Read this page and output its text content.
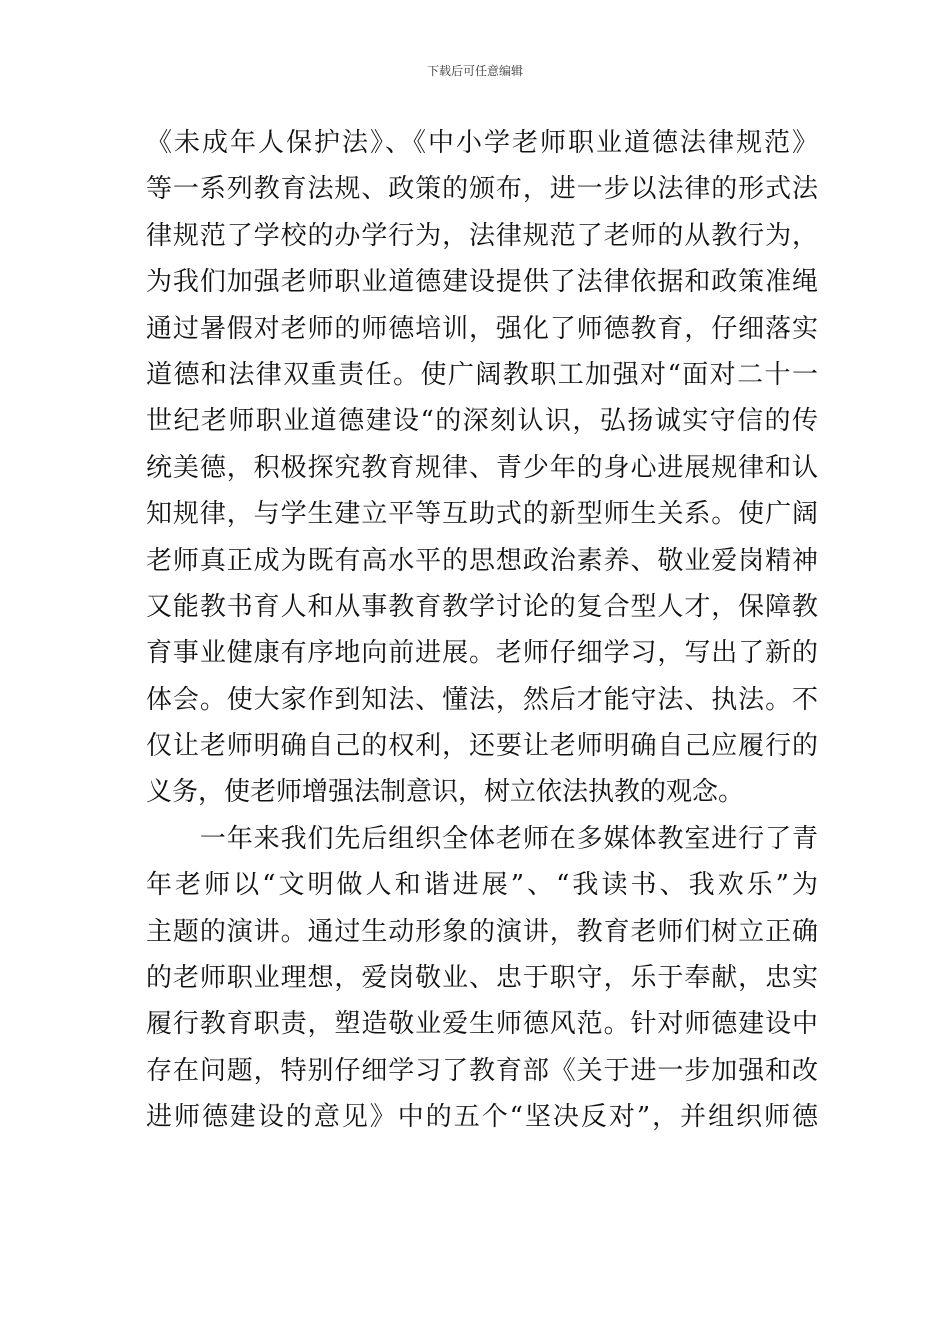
下载后可任意编辑
《未成年人保护法》、《中小学老师职业道德法律规范》
等一系列教育法规、政策的颁布，进一步以法律的形式法
律规范了学校的办学行为，法律规范了老师的从教行为，
为我们加强老师职业道德建设提供了法律依据和政策准绳
通过暑假对老师的师德培训，强化了师德教育，仔细落实
道德和法律双重责任。使广阔教职工加强对“面对二十一
世纪老师职业道德建设“的深刻认识，弘扬诚实守信的传
统美德，积极探究教育规律、青少年的身心进展规律和认
知规律，与学生建立平等互助式的新型师生关系。使广阔
老师真正成为既有高水平的思想政治素养、敬业爱岗精神
又能教书育人和从事教育教学讨论的复合型人才，保障教
育事业健康有序地向前进展。老师仔细学习，写出了新的
体会。使大家作到知法、懂法，然后才能守法、执法。不
仅让老师明确自己的权利，还要让老师明确自己应履行的
义务，使老师增强法制意识，树立依法执教的观念。
　　一年来我们先后组织全体老师在多媒体教室进行了青
年老师以“文明做人和谐进展”、“我读书、我欢乐”为
主题的演讲。通过生动形象的演讲，教育老师们树立正确
的老师职业理想，爱岗敬业、忠于职守，乐于奉献，忠实
履行教育职责，塑造敬业爱生师德风范。针对师德建设中
存在问题，特别仔细学习了教育部《关于进一步加强和改
进师德建设的意见》中的五个“坚决反对”，并组织师德
